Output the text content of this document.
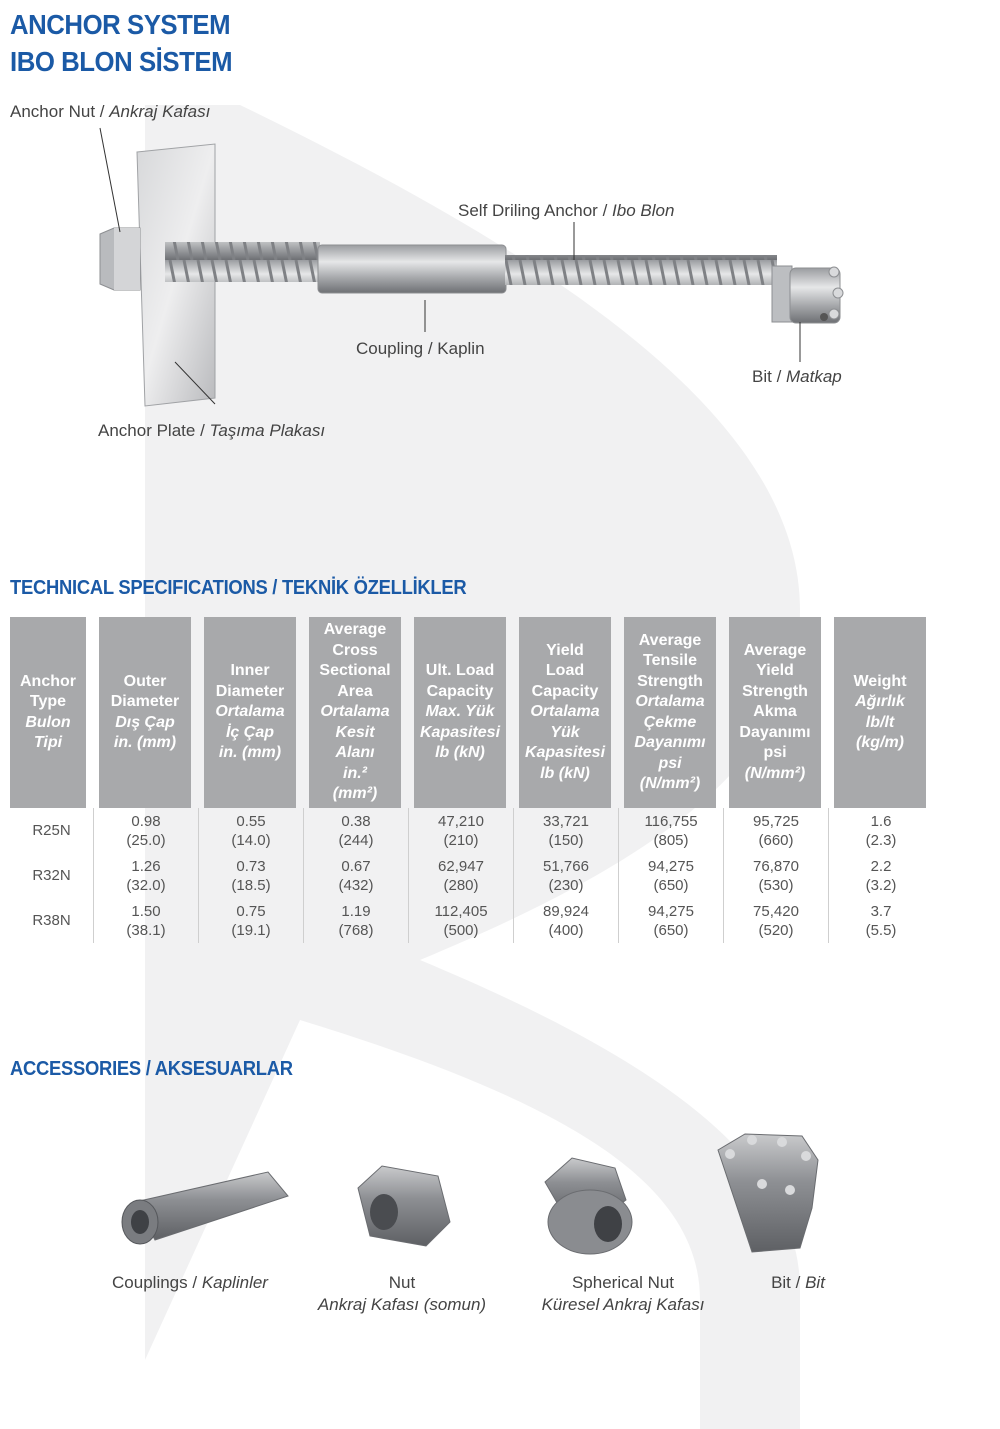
ANCHOR SYSTEM
IBO BLON SİSTEM
Anchor Nut / Ankraj Kafası
Self Driling Anchor / Ibo Blon
Coupling / Kaplin
Bit / Matkap
Anchor Plate / Taşıma Plakası
TECHNICAL SPECIFICATIONS / TEKNİK ÖZELLİKLER
Anchor
Type
Bulon
Tipi
Outer
Diameter
Dış Çap
in. (mm)
Inner
Diameter
Ortalama
İç Çap
in. (mm)
Average
Cross
Sectional
Area
Ortalama
Kesit
Alanı
in.²
(mm²)
Ult. Load
Capacity
Max. Yük
Kapasitesi
lb (kN)
Yield
Load
Capacity
Ortalama
Yük
Kapasitesi
lb (kN)
Average
Tensile
Strength
Ortalama
Çekme
Dayanımı
psi
(N/mm²)
Average
Yield
Strength
Akma
Dayanımı
psi
(N/mm²)
Weight
Ağırlık
lb/lt
(kg/m)
R25N
0.98
(25.0)
0.55
(14.0)
0.38
(244)
47,210
(210)
33,721
(150)
116,755
(805)
95,725
(660)
1.6
(2.3)
R32N
1.26
(32.0)
0.73
(18.5)
0.67
(432)
62,947
(280)
51,766
(230)
94,275
(650)
76,870
(530)
2.2
(3.2)
R38N
1.50
(38.1)
0.75
(19.1)
1.19
(768)
112,405
(500)
89,924
(400)
94,275
(650)
75,420
(520)
3.7
(5.5)
ACCESSORIES / AKSESUARLAR
Couplings / Kaplinler	Nut
Ankraj Kafası (somun)
Spherical Nut
Küresel Ankraj Kafası
Bit / Bit
